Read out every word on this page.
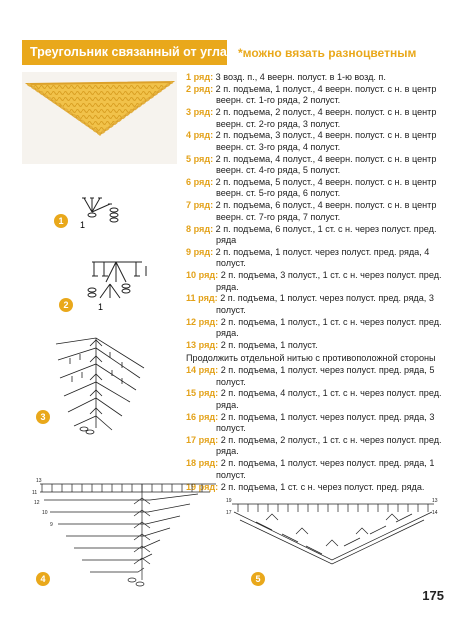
Треугольник связанный от угла *можно вязать разноцветным
1 ряд: 3 возд. п., 4 веерн. полуст. в 1-ю возд. п.
2 ряд: 2 п. подъема, 1 полуст., 4 веерн. полуст. с н. в центр
веерн. ст. 1-го ряда, 2 полуст.
3 ряд: 2 п. подъема, 2 полуст., 4 веерн. полуст. с н. в центр
веерн. ст. 2-го ряда, 3 полуст.
4 ряд: 2 п. подъема, 3 полуст., 4 веерн. полуст. с н. в центр
веерн. ст. 3-го ряда, 4 полуст.
5 ряд: 2 п. подъема, 4 полуст., 4 веерн. полуст. с н. в центр
веерн. ст. 4-го ряда, 5 полуст.
6 ряд: 2 п. подъема, 5 полуст., 4 веерн. полуст. с н. в центр
веерн. ст. 5-го ряда, 6 полуст.
7 ряд: 2 п. подъема, 6 полуст., 4 веерн. полуст. с н. в центр
веерн. ст. 7-го ряда, 7 полуст.
8 ряд: 2 п. подъема, 6 полуст., 1 ст. с н. через полуст. пред.
ряда
9 ряд: 2 п. подъема, 1 полуст. через полуст. пред. ряда, 4
полуст.
10 ряд: 2 п. подъема, 3 полуст., 1 ст. с н. через полуст. пред.
ряда.
11 ряд: 2 п. подъема, 1 полуст. через полуст. пред. ряда, 3
полуст.
12 ряд: 2 п. подъема, 1 полуст., 1 ст. с н. через полуст. пред.
ряда.
13 ряд: 2 п. подъема, 1 полуст.
Продолжить отдельной нитью с противоположной стороны
14 ряд: 2 п. подъема, 1 полуст. через полуст. пред. ряда, 5
полуст.
15 ряд: 2 п. подъема, 4 полуст., 1 ст. с н. через полуст. пред.
ряда.
16 ряд: 2 п. подъема, 1 полуст. через полуст. пред. ряда, 3
полуст.
17 ряд: 2 п. подъема, 2 полуст., 1 ст. с н. через полуст. пред.
ряда.
18 ряд: 2 п. подъема, 1 полуст. через полуст. пред. ряда, 1
полуст.
19 ряд: 2 п. подъема, 1 ст. с н. через полуст. пред. ряда.
1
2
3
4	5
1
1
13
11
12
10
9
19	13
17	14
175
